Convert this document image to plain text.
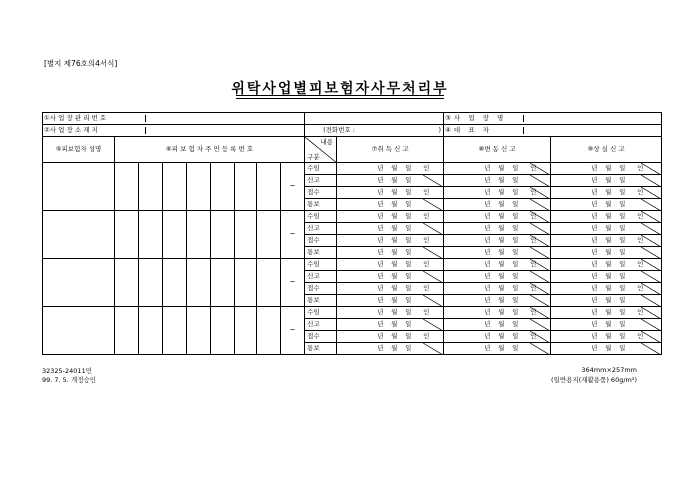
[별지 제76호의4서식]
위탁사업별피보험자사무처리부
①사 업 장 관 리 번 호											③사 업 장 명	
②사 업 장 소 재 지									(전화번호 : )		④대 표 자	
⑤피보험자 성명	⑥피 보 험 자 주 민 등 록 번 호								내용
구분	⑦취 득 신 고	⑧변 동 신 고	⑨상 실 신 고
								~	수임	년 월 일 인	년 월 일 인	년 월 일 인

									신고	년 월 일	년 월 일	년 월 일

									접수	년 월 일 인	년 월 일 인	년 월 일 인

									통보	년 월 일	년 월 일	년 월 일

								~	수임	년 월 일 인	년 월 일 인	년 월 일 인

									신고	년 월 일	년 월 일	년 월 일

									접수	년 월 일 인	년 월 일 인	년 월 일 인

									통보	년 월 일	년 월 일	년 월 일

								~	수임	년 월 일 인	년 월 일 인	년 월 일 인

									신고	년 월 일	년 월 일	년 월 일

									접수	년 월 일 인	년 월 일 인	년 월 일 인

									통보	년 월 일	년 월 일	년 월 일

								~	수임	년 월 일 인	년 월 일 인	년 월 일 인

									신고	년 월 일	년 월 일	년 월 일

									접수	년 월 일 인	년 월 일 인	년 월 일 인

									통보	년 월 일	년 월 일	년 월 일
32325-24011민
99. 7. 5. 개정승인
364mm×257mm
(일반용지(재활용품) 60g/m²)
